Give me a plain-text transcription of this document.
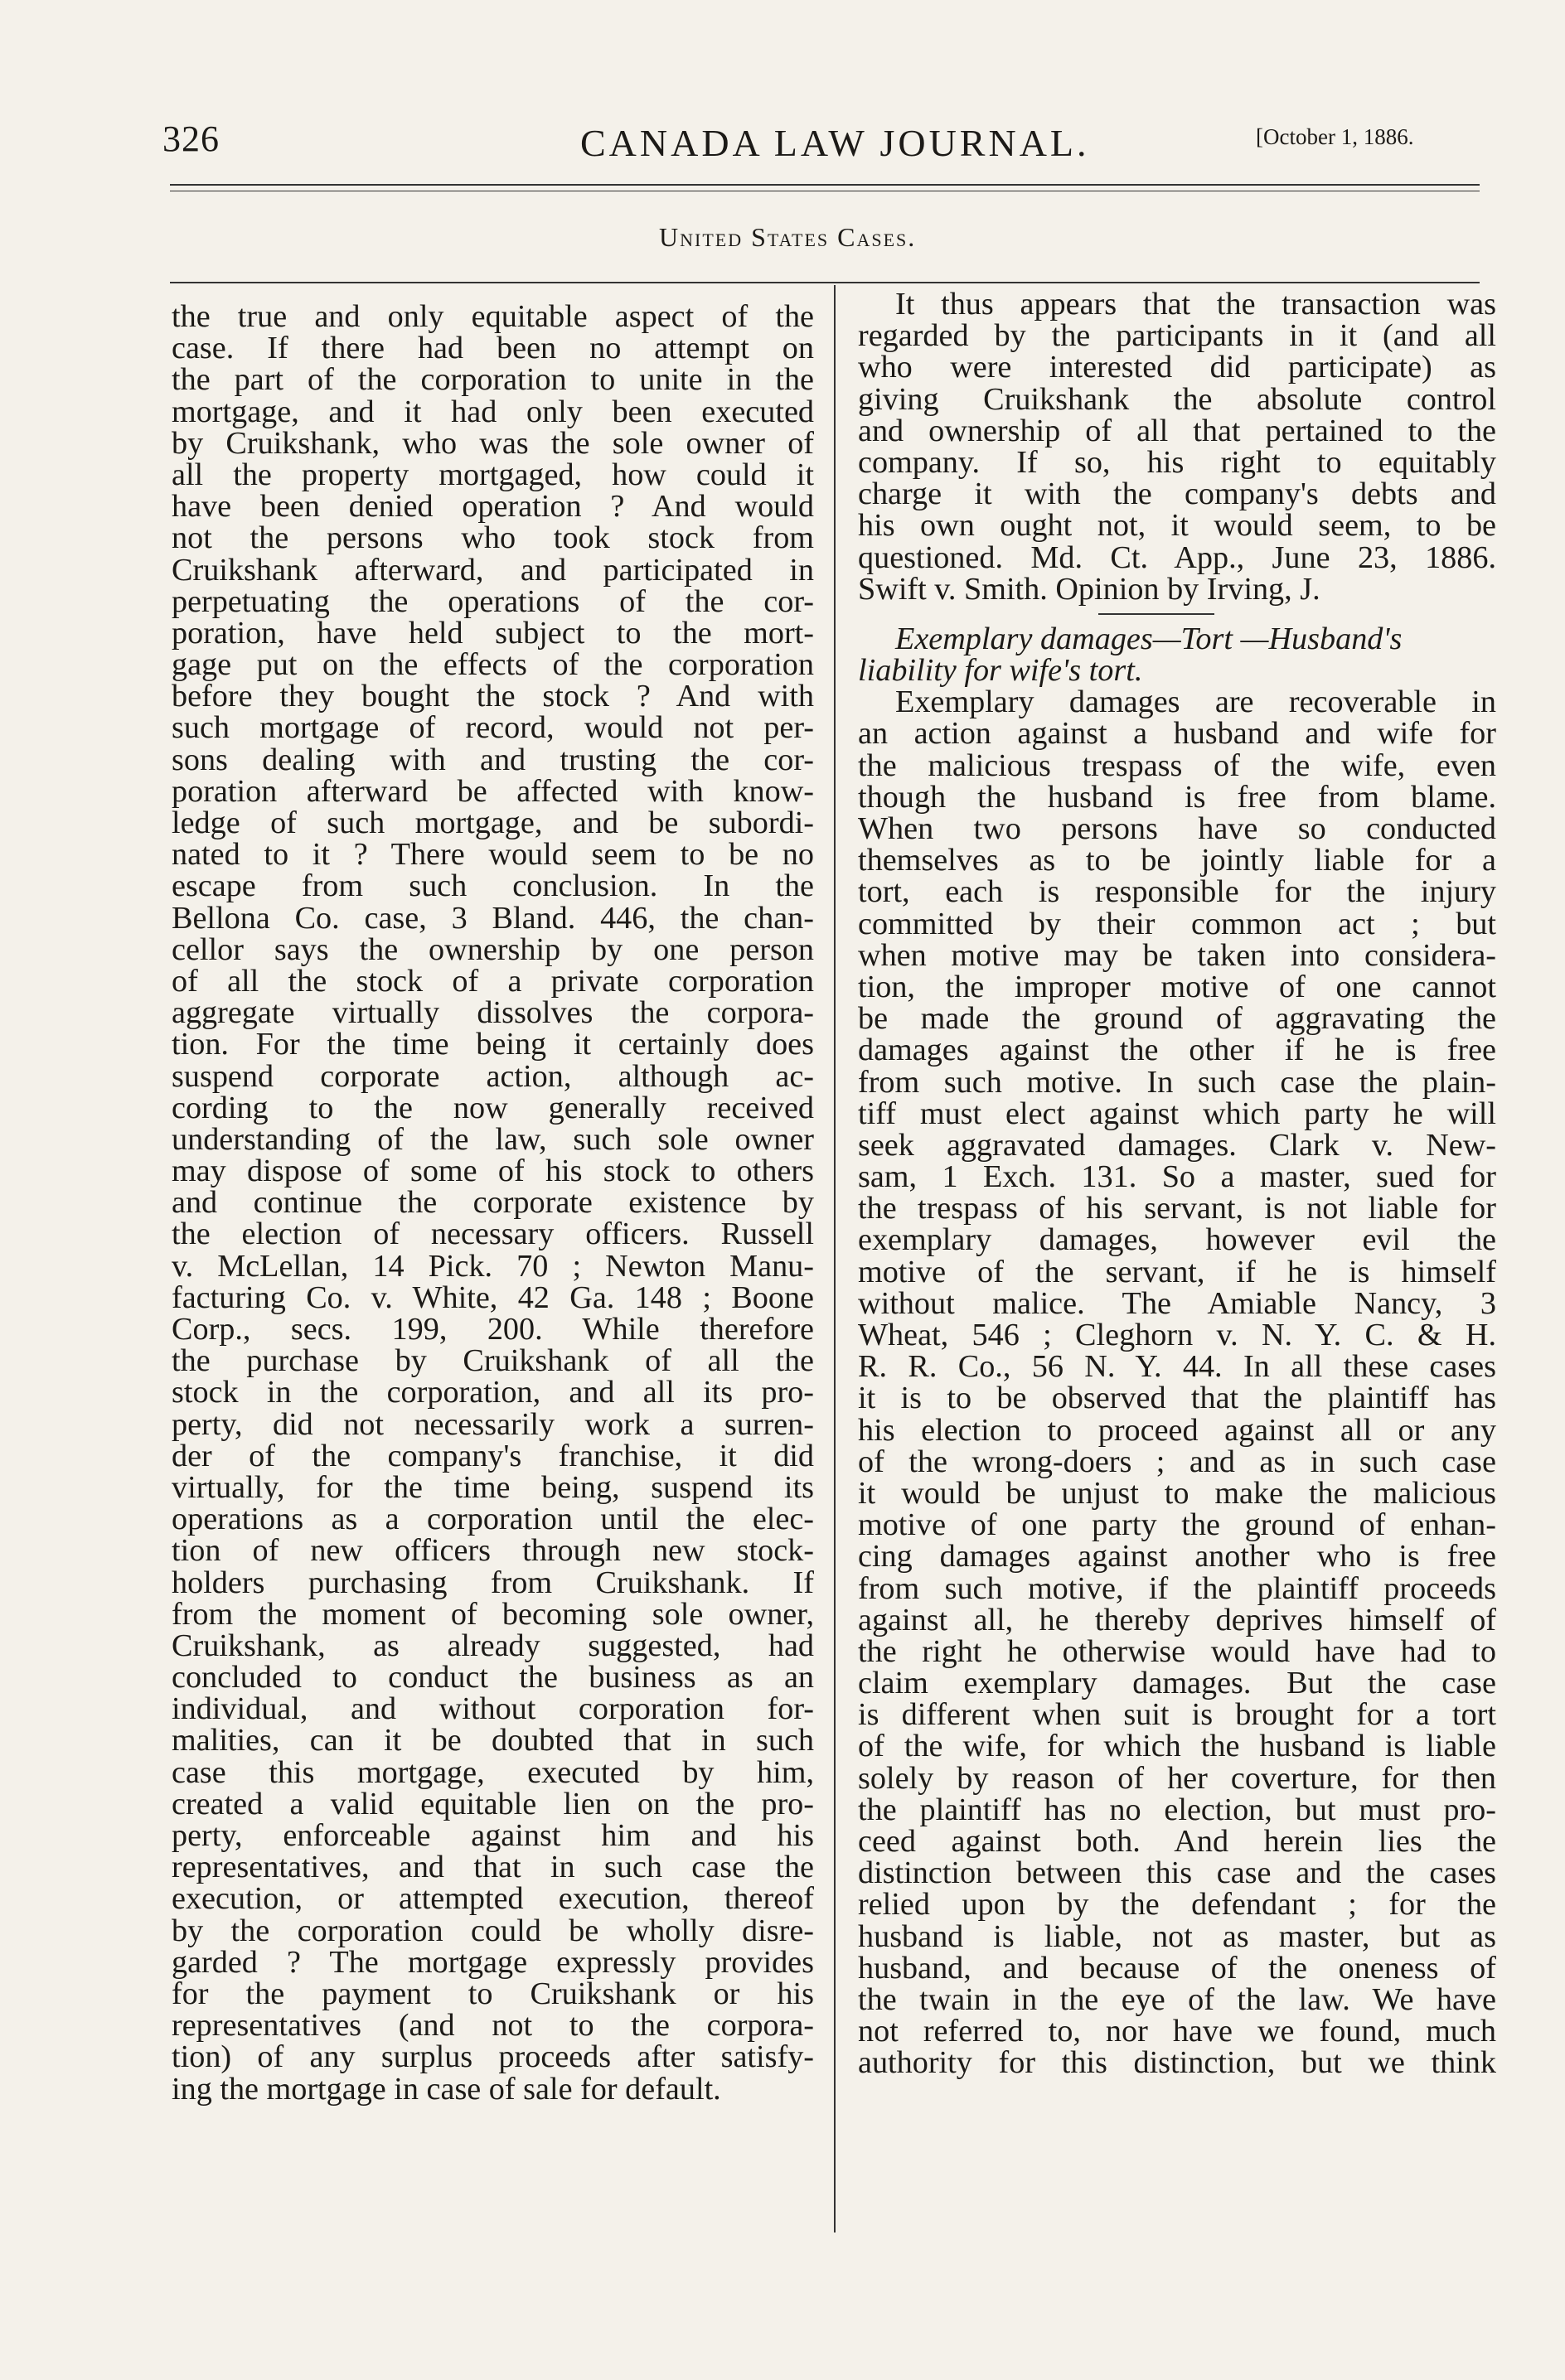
326	CANADA LAW JOURNAL.	[October 1, 1886.
United States Cases.
the true and only equitable aspect of the
case. If there had been no attempt on
the part of the corporation to unite in the
mortgage, and it had only been executed
by Cruikshank, who was the sole owner of
all the property mortgaged, how could it
have been denied operation ? And would
not the persons who took stock from
Cruikshank afterward, and participated in
perpetuating the operations of the cor-
poration, have held subject to the mort-
gage put on the effects of the corporation
before they bought the stock ? And with
such mortgage of record, would not per-
sons dealing with and trusting the cor-
poration afterward be affected with know-
ledge of such mortgage, and be subordi-
nated to it ? There would seem to be no
escape from such conclusion. In the
Bellona Co. case, 3 Bland. 446, the chan-
cellor says the ownership by one person
of all the stock of a private corporation
aggregate virtually dissolves the corpora-
tion. For the time being it certainly does
suspend corporate action, although ac-
cording to the now generally received
understanding of the law, such sole owner
may dispose of some of his stock to others
and continue the corporate existence by
the election of necessary officers. Russell
v. McLellan, 14 Pick. 70 ; Newton Manu-
facturing Co. v. White, 42 Ga. 148 ; Boone
Corp., secs. 199, 200. While therefore
the purchase by Cruikshank of all the
stock in the corporation, and all its pro-
perty, did not necessarily work a surren-
der of the company's franchise, it did
virtually, for the time being, suspend its
operations as a corporation until the elec-
tion of new officers through new stock-
holders purchasing from Cruikshank. If
from the moment of becoming sole owner,
Cruikshank, as already suggested, had
concluded to conduct the business as an
individual, and without corporation for-
malities, can it be doubted that in such
case this mortgage, executed by him,
created a valid equitable lien on the pro-
perty, enforceable against him and his
representatives, and that in such case the
execution, or attempted execution, thereof
by the corporation could be wholly disre-
garded ? The mortgage expressly provides
for the payment to Cruikshank or his
representatives (and not to the corpora-
tion) of any surplus proceeds after satisfy-
ing the mortgage in case of sale for default.
It thus appears that the transaction was
regarded by the participants in it (and all
who were interested did participate) as
giving Cruikshank the absolute control
and ownership of all that pertained to the
company. If so, his right to equitably
charge it with the company's debts and
his own ought not, it would seem, to be
questioned. Md. Ct. App., June 23, 1886.
Swift v. Smith. Opinion by Irving, J.
Exemplary damages—Tort —Husband's
liability for wife's tort.
Exemplary damages are recoverable in
an action against a husband and wife for
the malicious trespass of the wife, even
though the husband is free from blame.
When two persons have so conducted
themselves as to be jointly liable for a
tort, each is responsible for the injury
committed by their common act ; but
when motive may be taken into considera-
tion, the improper motive of one cannot
be made the ground of aggravating the
damages against the other if he is free
from such motive. In such case the plain-
tiff must elect against which party he will
seek aggravated damages. Clark v. New-
sam, 1 Exch. 131. So a master, sued for
the trespass of his servant, is not liable for
exemplary damages, however evil the
motive of the servant, if he is himself
without malice. The Amiable Nancy, 3
Wheat, 546 ; Cleghorn v. N. Y. C. & H.
R. R. Co., 56 N. Y. 44. In all these cases
it is to be observed that the plaintiff has
his election to proceed against all or any
of the wrong-doers ; and as in such case
it would be unjust to make the malicious
motive of one party the ground of enhan-
cing damages against another who is free
from such motive, if the plaintiff proceeds
against all, he thereby deprives himself of
the right he otherwise would have had to
claim exemplary damages. But the case
is different when suit is brought for a tort
of the wife, for which the husband is liable
solely by reason of her coverture, for then
the plaintiff has no election, but must pro-
ceed against both. And herein lies the
distinction between this case and the cases
relied upon by the defendant ; for the
husband is liable, not as master, but as
husband, and because of the oneness of
the twain in the eye of the law. We have
not referred to, nor have we found, much
authority for this distinction, but we think
